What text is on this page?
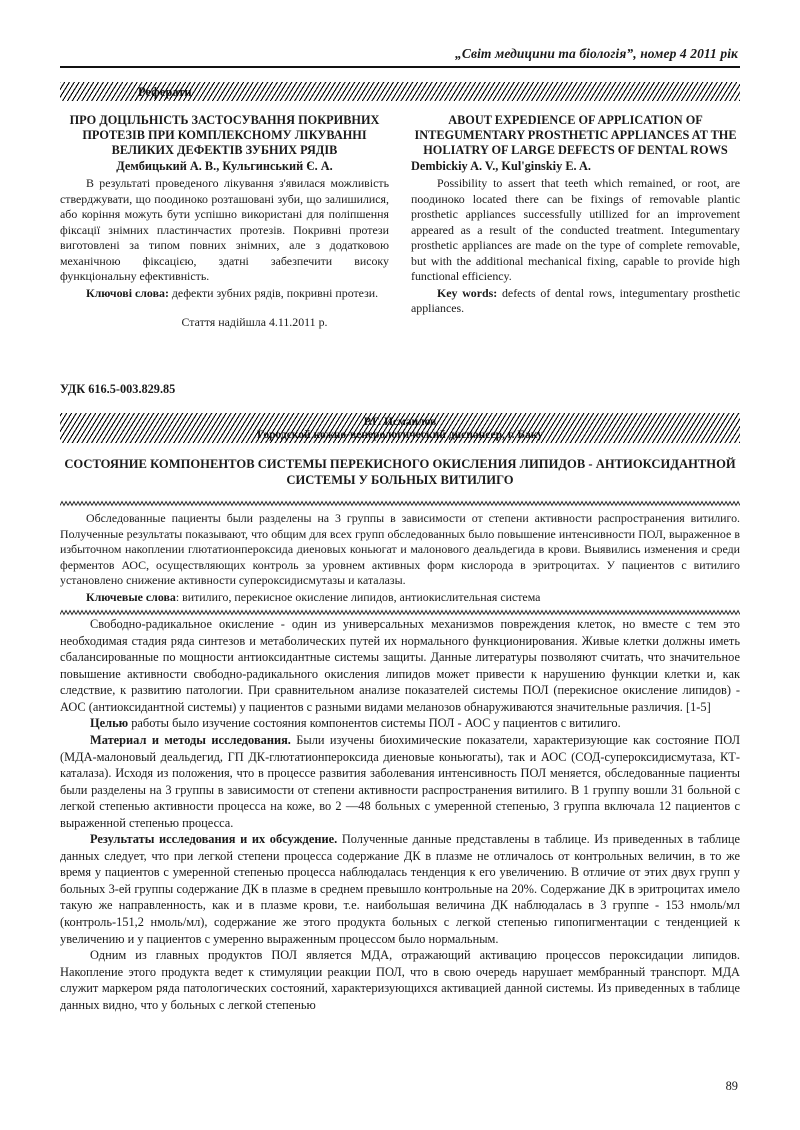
„Світ медицини та біологія”, номер 4 2011 рік
Реферати
ПРО ДОЦІЛЬНІСТЬ ЗАСТОСУВАННЯ ПОКРИВНИХ ПРОТЕЗІВ ПРИ КОМПЛЕКСНОМУ ЛІКУВАННІ ВЕЛИКИХ ДЕФЕКТІВ ЗУБНИХ РЯДІВ
Дембицький А. В., Кульгинський Є. А.
В результаті проведеного лікування з'явилася можливість стверджувати, що поодиноко розташовані зуби, що залишилися, або коріння можуть бути успішно використані для поліпшення фіксації знімних пластинчастих протезів. Покривні протези виготовлені за типом повних знімних, але з додатковою механічною фіксацією, здатні забезпечити високу функціональну ефективність.
Ключові слова: дефекти зубних рядів, покривні протези.
Стаття надійшла 4.11.2011 р.
ABOUT EXPEDIENCE OF APPLICATION OF INTEGUMENTARY PROSTHETIC APPLIANCES AT THE HOLIATRY OF LARGE DEFECTS OF DENTAL ROWS
Dembickiy A. V., Kul'ginskiy E. A.
Possibility to assert that teeth which remained, or root, are поодиноко located there can be fixings of removable plantic prosthetic appliances successfully utillized for an improvement appeared as a result of the conducted treatment. Integumentary prosthetic appliances are made on the type of complete removable, but with the additional mechanical fixing, capable to provide high functional efficiency.
Key words: defects of dental rows, integumentary prosthetic appliances.
УДК 616.5-003.829.85
Р.Г. Исмаилов
Городской кожно-венерологический диспансер, г. Баку
СОСТОЯНИЕ КОМПОНЕНТОВ СИСТЕМЫ ПЕРЕКИСНОГО ОКИСЛЕНИЯ ЛИПИДОВ - АНТИОКСИДАНТНОЙ СИСТЕМЫ У БОЛЬНЫХ ВИТИЛИГО
Обследованные пациенты были разделены на 3 группы в зависимости от степени активности распространения витилиго. Полученные результаты показывают, что общим для всех групп обследованных было повышение интенсивности ПОЛ, выраженное в избыточном накоплении глютатионпероксида диеновых коньюгат и малонового деальдегида в крови. Выявились изменения и среди ферментов АОС, осуществляющих контроль за уровнем активных форм кислорода в эритроцитах. У пациентов с витилиго установлено снижение активности супероксидисмутазы и каталазы.
Ключевые слова: витилиго, перекисное окисление липидов, антиокислительная система
Свободно-радикальное окисление - один из универсальных механизмов повреждения клеток, но вместе с тем это необходимая стадия ряда синтезов и метаболических путей их нормального функционирования. Живые клетки должны иметь сбалансированные по мощности антиоксидантные системы защиты. Данные литературы позволяют считать, что значительное повышение активности свободно-радикального окисления липидов может привести к нарушению функции клетки и, как следствие, к развитию патологии. При сравнительном анализе показателей системы ПОЛ (перекисное окисление липидов) - АОС (антиоксидантной системы) у пациентов с разными видами меланозов обнаруживаются значительные различия. [1-5]
Целью работы было изучение состояния компонентов системы ПОЛ - АОС у пациентов с витилиго.
Материал и методы исследования. Были изучены биохимические показатели, характеризующие как состояние ПОЛ (МДА-малоновый деальдегид, ГП ДК-глютатионпероксида диеновые коньюгаты), так и АОС (СОД-супероксидисмутаза, КТ-каталаза). Исходя из положения, что в процессе развития заболевания интенсивность ПОЛ меняется, обследованные пациенты были разделены на 3 группы в зависимости от степени активности распространения витилиго. В 1 группу вошли 31 больной с легкой степенью активности процесса на коже, во 2 —48 больных с умеренной степенью, 3 группа включала 12 пациентов с выраженной степенью процесса.
Результаты исследования и их обсуждение. Полученные данные представлены в таблице. Из приведенных в таблице данных следует, что при легкой степени процесса содержание ДК в плазме не отличалось от контрольных величин, в то же время у пациентов с умеренной степенью процесса наблюдалась тенденция к его увеличению. В отличие от этих двух групп у больных 3-ей группы содержание ДК в плазме в среднем превышло контрольные на 20%. Содержание ДК в эритроцитах имело такую же направленность, как и в плазме крови, т.е. наибольшая величина ДК наблюдалась в 3 группе - 153 нмоль/мл (контроль-151,2 нмоль/мл), содержание же этого продукта больных с легкой степенью гипопигментации с тенденцией к увеличению и у пациентов с умеренно выраженным процессом было нормальным.
Одним из главных продуктов ПОЛ является МДА, отражающий активацию процессов пероксидации липидов. Накопление этого продукта ведет к стимуляции реакции ПОЛ, что в свою очередь нарушает мембранный транспорт. МДА служит маркером ряда патологических состояний, характеризующихся активацией данной системы. Из приведенных в таблице данных видно, что у больных с легкой степенью
89
